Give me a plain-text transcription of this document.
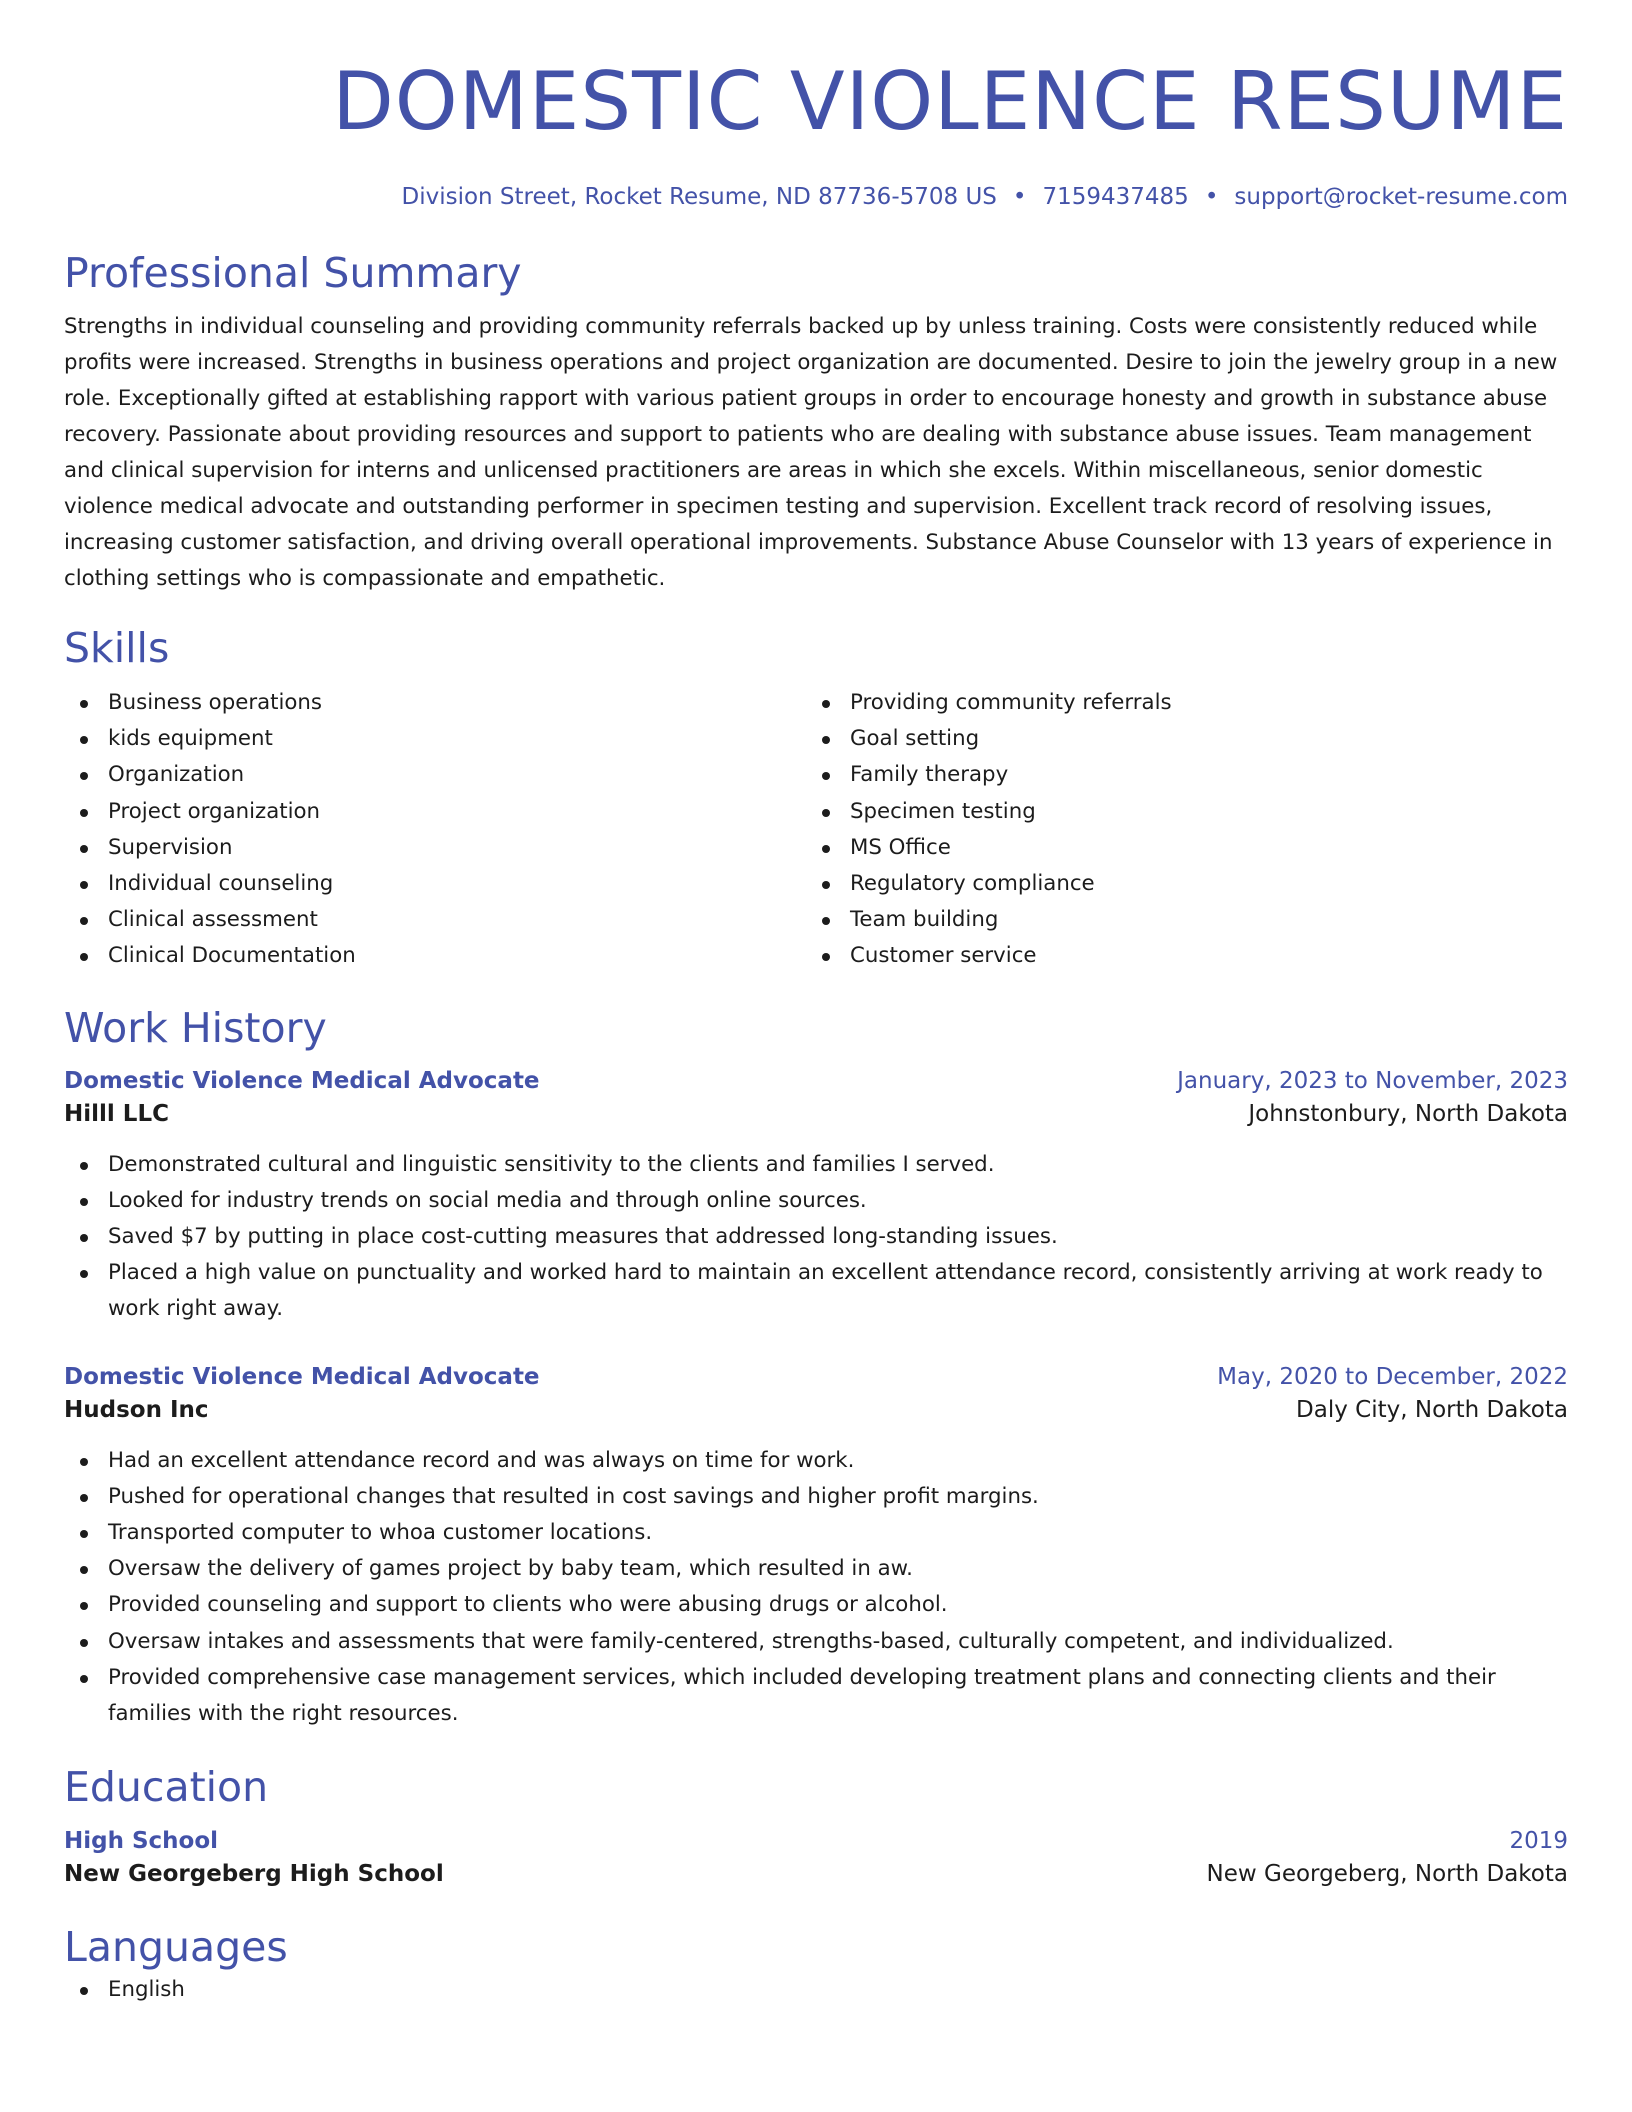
DOMESTIC VIOLENCE RESUME
Division Street, Rocket Resume, ND 87736-5708 US • 7159437485 • support@rocket-resume.com
Professional Summary

Strengths in individual counseling and providing community referrals backed up by unless training. Costs were consistently reduced while profits were increased. Strengths in business operations and project organization are documented. Desire to join the jewelry group in a new role. Exceptionally gifted at establishing rapport with various patient groups in order to encourage honesty and growth in substance abuse recovery. Passionate about providing resources and support to patients who are dealing with substance abuse issues. Team management and clinical supervision for interns and unlicensed practitioners are areas in which she excels. Within miscellaneous, senior domestic violence medical advocate and outstanding performer in specimen testing and supervision. Excellent track record of resolving issues, increasing customer satisfaction, and driving overall operational improvements. Substance Abuse Counselor with 13 years of experience in clothing settings who is compassionate and empathetic.

Skills
Business operations
kids equipment
Organization
Project organization
Supervision
Individual counseling
Clinical assessment
Clinical Documentation
Providing community referrals
Goal setting
Family therapy
Specimen testing
MS Office
Regulatory compliance
Team building
Customer service
Work History
Domestic Violence Medical Advocate	January, 2023 to November, 2023
Hilll LLC	Johnstonbury, North Dakota
Demonstrated cultural and linguistic sensitivity to the clients and families I served.
Looked for industry trends on social media and through online sources.
Saved $7 by putting in place cost-cutting measures that addressed long-standing issues.
Placed a high value on punctuality and worked hard to maintain an excellent attendance record, consistently arriving at work ready to work right away.
Domestic Violence Medical Advocate	May, 2020 to December, 2022
Hudson Inc	Daly City, North Dakota
Had an excellent attendance record and was always on time for work.
Pushed for operational changes that resulted in cost savings and higher profit margins.
Transported computer to whoa customer locations.
Oversaw the delivery of games project by baby team, which resulted in aw.
Provided counseling and support to clients who were abusing drugs or alcohol.
Oversaw intakes and assessments that were family-centered, strengths-based, culturally competent, and individualized.
Provided comprehensive case management services, which included developing treatment plans and connecting clients and their families with the right resources.
Education
High School	2019
New Georgeberg High School	New Georgeberg, North Dakota
Languages
English
